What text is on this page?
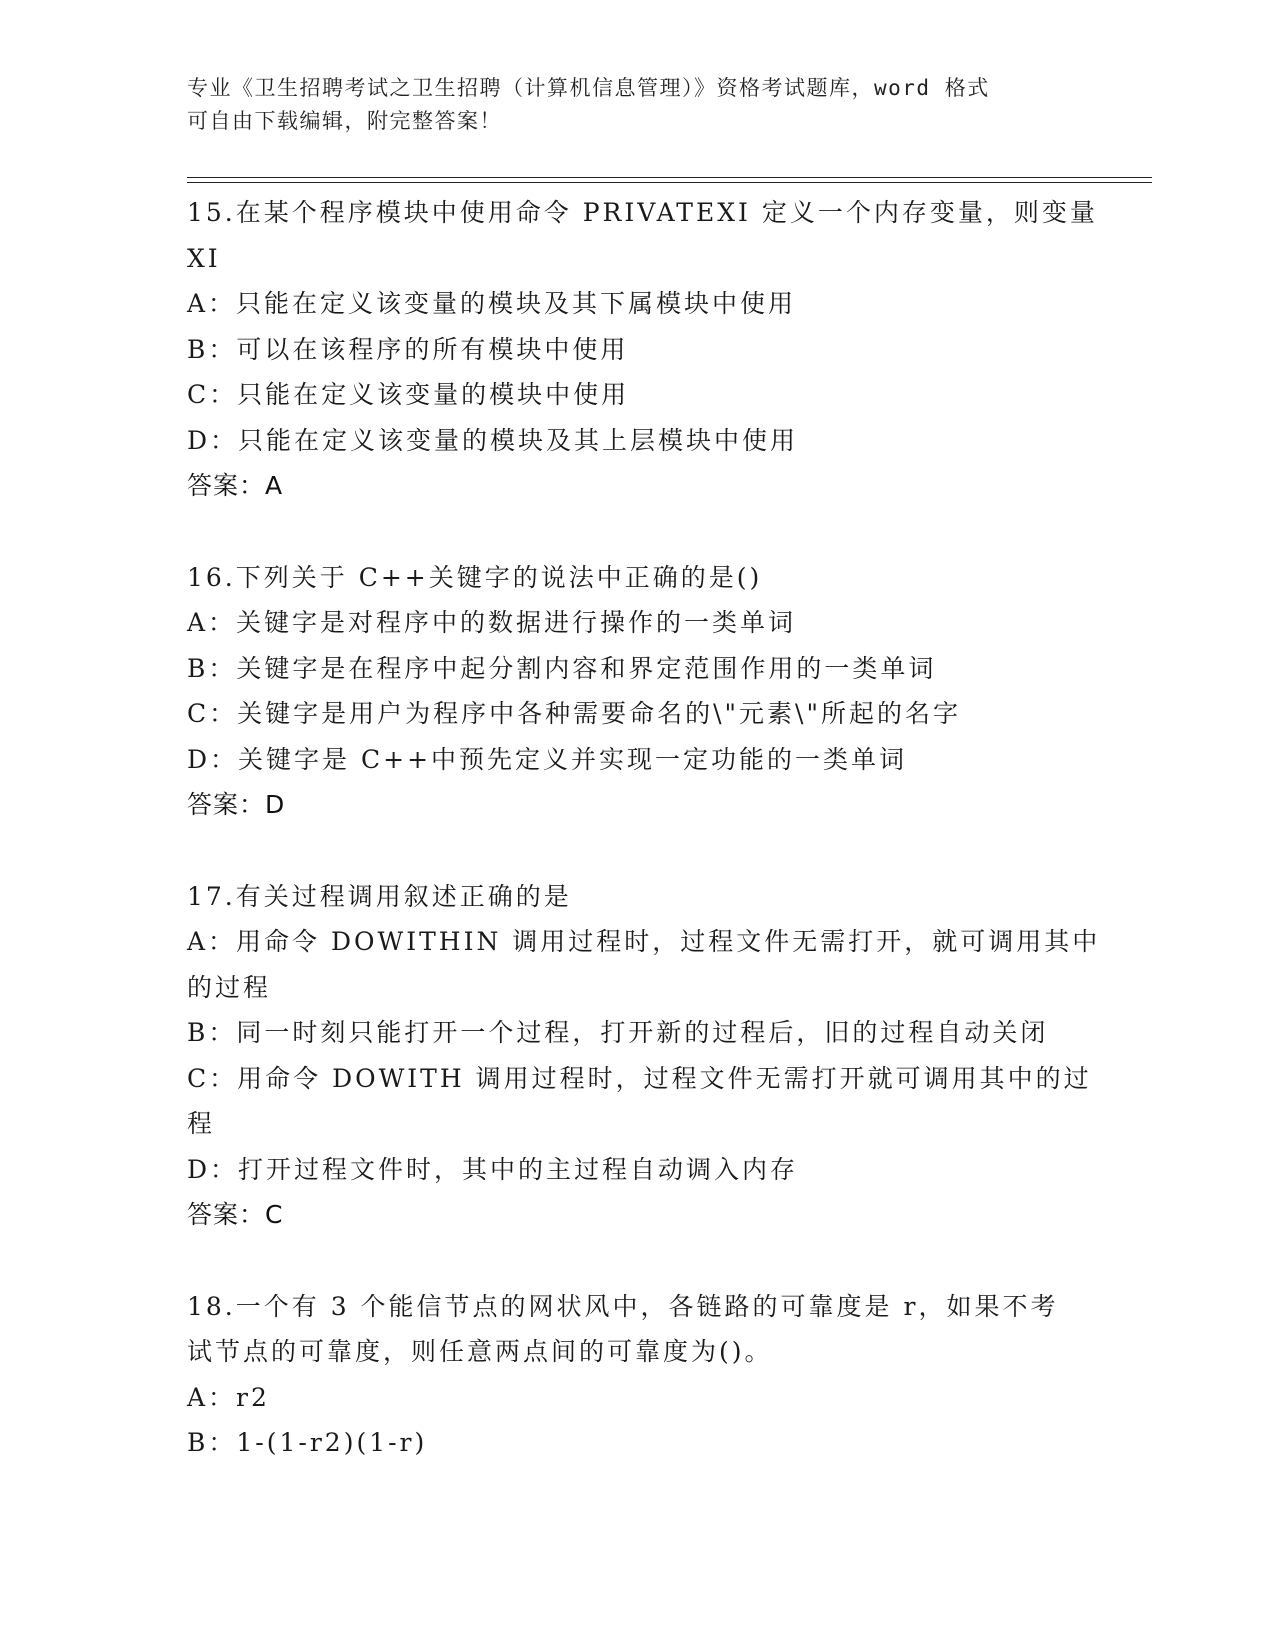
专业《卫生招聘考试之卫生招聘（计算机信息管理）》资格考试题库，word 格式
可自由下载编辑，附完整答案！
15.在某个程序模块中使用命令 PRIVATEXI 定义一个内存变量，则变量
XI
A：只能在定义该变量的模块及其下属模块中使用
B：可以在该程序的所有模块中使用
C：只能在定义该变量的模块中使用
D：只能在定义该变量的模块及其上层模块中使用
答案：A
16.下列关于 C++关键字的说法中正确的是()
A：关键字是对程序中的数据进行操作的一类单词
B：关键字是在程序中起分割内容和界定范围作用的一类单词
C：关键字是用户为程序中各种需要命名的\"元素\"所起的名字
D：关键字是 C++中预先定义并实现一定功能的一类单词
答案：D
17.有关过程调用叙述正确的是
A：用命令 DOWITHIN 调用过程时，过程文件无需打开，就可调用其中
的过程
B：同一时刻只能打开一个过程，打开新的过程后，旧的过程自动关闭
C：用命令 DOWITH 调用过程时，过程文件无需打开就可调用其中的过
程
D：打开过程文件时，其中的主过程自动调入内存
答案：C
18.一个有 3 个能信节点的网状风中，各链路的可靠度是 r，如果不考
试节点的可靠度，则任意两点间的可靠度为()。
A：r2
B：1-(1-r2)(1-r)
